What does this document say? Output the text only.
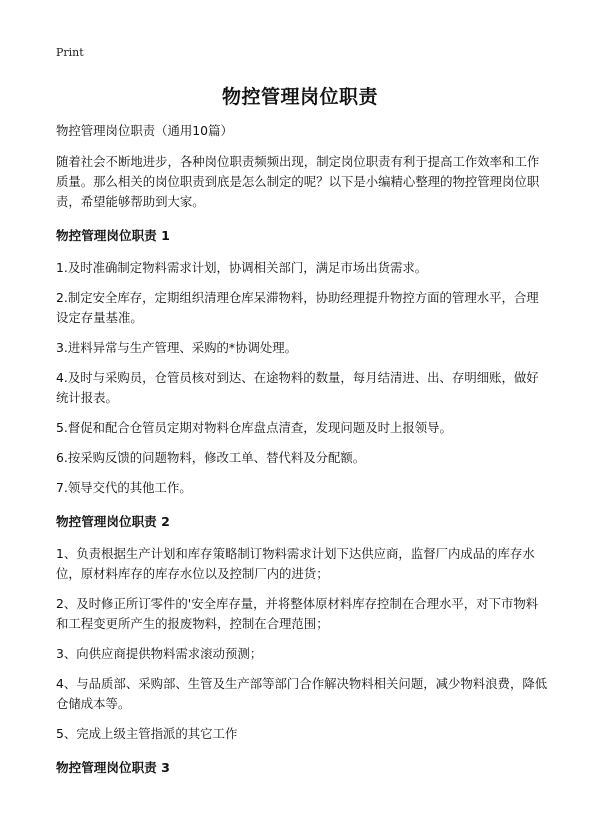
Print
物控管理岗位职责

物控管理岗位职责（通用10篇）

随着社会不断地进步，各种岗位职责频频出现，制定岗位职责有利于提高工作效率和工作质量。那么相关的岗位职责到底是怎么制定的呢？以下是小编精心整理的物控管理岗位职责，希望能够帮助到大家。

物控管理岗位职责 1

1.及时准确制定物料需求计划，协调相关部门，满足市场出货需求。

2.制定安全库存，定期组织清理仓库呆滞物料，协助经理提升物控方面的管理水平，合理设定存量基准。

3.进料异常与生产管理、采购的*协调处理。

4.及时与采购员，仓管员核对到达、在途物料的数量，每月结清进、出、存明细账，做好统计报表。

5.督促和配合仓管员定期对物料仓库盘点清查，发现问题及时上报领导。

6.按采购反馈的问题物料，修改工单、替代料及分配额。

7.领导交代的其他工作。

物控管理岗位职责 2

1、负责根据生产计划和库存策略制订物料需求计划下达供应商，监督厂内成品的库存水位，原材料库存的库存水位以及控制厂内的进货；

2、及时修正所订零件的'安全库存量，并将整体原材料库存控制在合理水平，对下市物料和工程变更所产生的报废物料，控制在合理范围；

3、向供应商提供物料需求滚动预测；

4、与品质部、采购部、生管及生产部等部门合作解决物料相关问题，减少物料浪费，降低仓储成本等。

5、完成上级主管指派的其它工作

物控管理岗位职责 3
